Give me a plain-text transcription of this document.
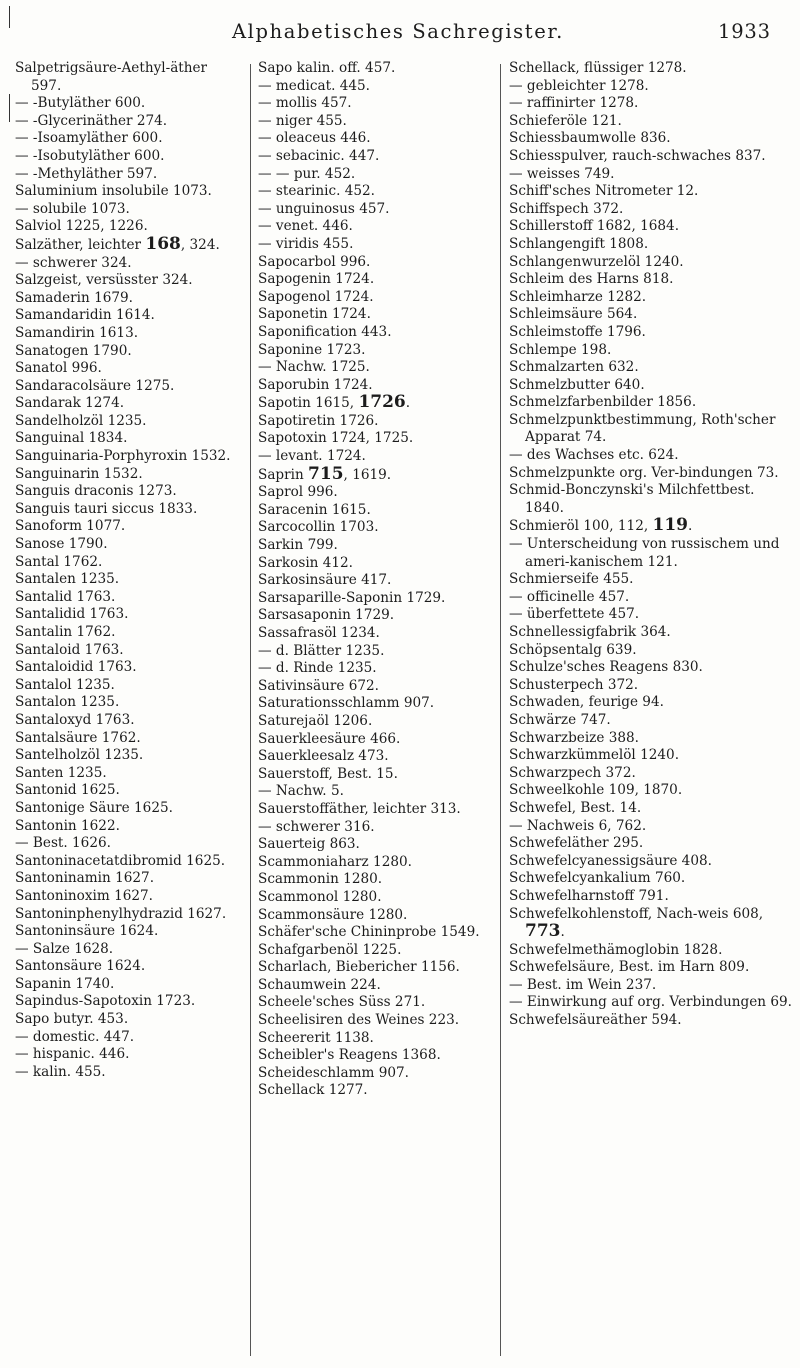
Alphabetisches Sachregister.	1933
Salpetrigsäure-Aethyl-äther 597.
— -Butyläther 600.
— -Glycerinäther 274.
— -Isoamyläther 600.
— -Isobutyläther 600.
— -Methyläther 597.
Saluminium insolubile 1073.
— solubile 1073.
Salviol 1225, 1226.
Salzäther, leichter 168, 324.
— schwerer 324.
Salzgeist, versüsster 324.
Samaderin 1679.
Samandaridin 1614.
Samandirin 1613.
Sanatogen 1790.
Sanatol 996.
Sandaracolsäure 1275.
Sandarak 1274.
Sandelholzöl 1235.
Sanguinal 1834.
Sanguinaria-Porphyroxin 1532.
Sanguinarin 1532.
Sanguis draconis 1273.
Sanguis tauri siccus 1833.
Sanoform 1077.
Sanose 1790.
Santal 1762.
Santalen 1235.
Santalid 1763.
Santalidid 1763.
Santalin 1762.
Santaloid 1763.
Santaloidid 1763.
Santalol 1235.
Santalon 1235.
Santaloxyd 1763.
Santalsäure 1762.
Santelholzöl 1235.
Santen 1235.
Santonid 1625.
Santonige Säure 1625.
Santonin 1622.
— Best. 1626.
Santoninacetatdibromid 1625.
Santoninamin 1627.
Santoninoxim 1627.
Santoninphenylhydrazid 1627.
Santoninsäure 1624.
— Salze 1628.
Santonsäure 1624.
Sapanin 1740.
Sapindus-Sapotoxin 1723.
Sapo butyr. 453.
— domestic. 447.
— hispanic. 446.
— kalin. 455.
Sapo kalin. off. 457.
— medicat. 445.
— mollis 457.
— niger 455.
— oleaceus 446.
— sebacinic. 447.
— — pur. 452.
— stearinic. 452.
— unguinosus 457.
— venet. 446.
— viridis 455.
Sapocarbol 996.
Sapogenin 1724.
Sapogenol 1724.
Saponetin 1724.
Saponification 443.
Saponine 1723.
— Nachw. 1725.
Saporubin 1724.
Sapotin 1615, 1726.
Sapotiretin 1726.
Sapotoxin 1724, 1725.
— levant. 1724.
Saprin 715, 1619.
Saprol 996.
Saracenin 1615.
Sarcocollin 1703.
Sarkin 799.
Sarkosin 412.
Sarkosinsäure 417.
Sarsaparille-Saponin 1729.
Sarsasaponin 1729.
Sassafrasöl 1234.
— d. Blätter 1235.
— d. Rinde 1235.
Sativinsäure 672.
Saturationsschlamm 907.
Saturejaöl 1206.
Sauerkleesäure 466.
Sauerkleesalz 473.
Sauerstoff, Best. 15.
— Nachw. 5.
Sauerstoffäther, leichter 313.
— schwerer 316.
Sauerteig 863.
Scammoniaharz 1280.
Scammonin 1280.
Scammonol 1280.
Scammonsäure 1280.
Schäfer'sche Chininprobe 1549.
Schafgarbenöl 1225.
Scharlach, Biebericher 1156.
Schaumwein 224.
Scheele'sches Süss 271.
Scheelisiren des Weines 223.
Scheererit 1138.
Scheibler's Reagens 1368.
Scheideschlamm 907.
Schellack 1277.
Schellack, flüssiger 1278.
— gebleichter 1278.
— raffinirter 1278.
Schieferöle 121.
Schiessbaumwolle 836.
Schiesspulver, rauch-schwaches 837.
— weisses 749.
Schiff'sches Nitrometer 12.
Schiffspech 372.
Schillerstoff 1682, 1684.
Schlangengift 1808.
Schlangenwurzelöl 1240.
Schleim des Harns 818.
Schleimharze 1282.
Schleimsäure 564.
Schleimstoffe 1796.
Schlempe 198.
Schmalzarten 632.
Schmelzbutter 640.
Schmelzfarbenbilder 1856.
Schmelzpunktbestimmung, Roth'scher Apparat 74.
— des Wachses etc. 624.
Schmelzpunkte org. Ver-bindungen 73.
Schmid-Bonczynski's Milchfettbest. 1840.
Schmieröl 100, 112, 119.
— Unterscheidung von russischem und ameri-kanischem 121.
Schmierseife 455.
— officinelle 457.
— überfettete 457.
Schnellessigfabrik 364.
Schöpsentalg 639.
Schulze'sches Reagens 830.
Schusterpech 372.
Schwaden, feurige 94.
Schwärze 747.
Schwarzbeize 388.
Schwarzkümmelöl 1240.
Schwarzpech 372.
Schweelkohle 109, 1870.
Schwefel, Best. 14.
— Nachweis 6, 762.
Schwefeläther 295.
Schwefelcyanessigsäure 408.
Schwefelcyankalium 760.
Schwefelharnstoff 791.
Schwefelkohlenstoff, Nach-weis 608, 773.
Schwefelmethämoglobin 1828.
Schwefelsäure, Best. im Harn 809.
— Best. im Wein 237.
— Einwirkung auf org. Verbindungen 69.
Schwefelsäureäther 594.
